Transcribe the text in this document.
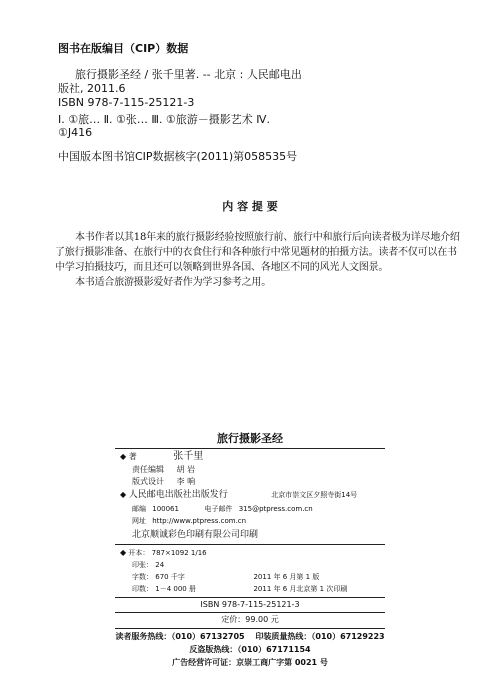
图书在版编目（CIP）数据
旅行摄影圣经 / 张千里著. -- 北京 : 人民邮电出
版社, 2011.6
ISBN 978-7-115-25121-3
Ⅰ. ①旅… Ⅱ. ①张… Ⅲ. ①旅游－摄影艺术 Ⅳ.
①J416
中国版本图书馆CIP数据核字(2011)第058535号
内 容 提 要
本书作者以其18年来的旅行摄影经验按照旅行前、旅行中和旅行后向读者极为详尽地介绍了旅行摄影准备、在旅行中的衣食住行和各种旅行中常见题材的拍摄方法。读者不仅可以在书中学习拍摄技巧，而且还可以领略到世界各国、各地区不同的风光人文图景。
本书适合旅游摄影爱好者作为学习参考之用。
旅行摄影圣经
◆ 著	张千里
责任编辑 胡 岩
版式设计 李 响
◆ 人民邮电出版社出版发行	北京市崇文区夕照寺街14号
邮编 100061	电子邮件 315@ptpress.com.cn
网址 http://www.ptpress.com.cn
北京顺诚彩色印刷有限公司印刷
◆ 开本： 787×1092 1/16
印张： 24
字数： 670 千字	2011 年 6 月第 1 版
印数： 1－4 000 册	2011 年 6 月北京第 1 次印刷
ISBN 978-7-115-25121-3
定价：99.00 元
读者服务热线：（010）67132705 印装质量热线：（010）67129223
反盗版热线：（010）67171154
广告经营许可证：京崇工商广字第 0021 号
